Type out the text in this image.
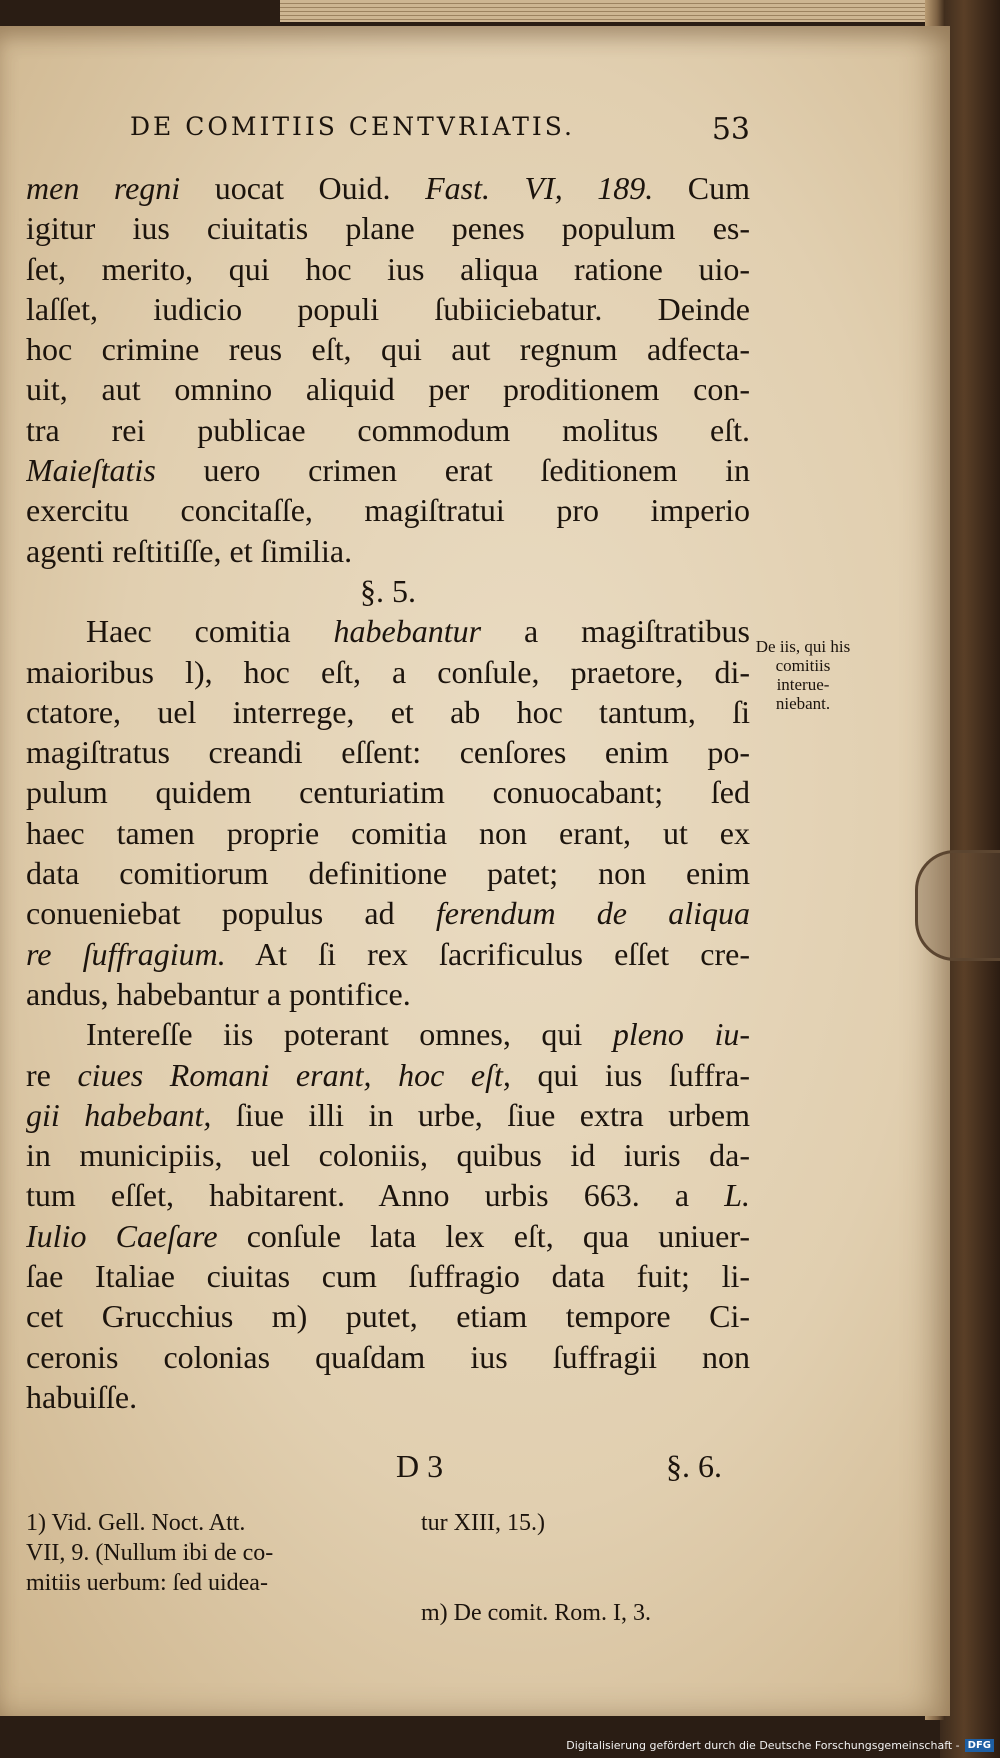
DE COMITIIS CENTVRIATIS.	53
men regni uocat Ouid. Fast. VI, 189. Cum
igitur ius ciuitatis plane penes populum es-
ſet, merito, qui hoc ius aliqua ratione uio-
laſſet, iudicio populi ſubiiciebatur. Deinde
hoc crimine reus eſt, qui aut regnum adfecta-
uit, aut omnino aliquid per proditionem con-
tra rei publicae commodum molitus eſt.
Maieſtatis uero crimen erat ſeditionem in
exercitu concitaſſe, magiſtratui pro imperio
agenti reſtitiſſe, et ſimilia.
§. 5.
Haec comitia habebantur a magiſtratibus
maioribus l), hoc eſt, a conſule, praetore, di-
ctatore, uel interrege, et ab hoc tantum, ſi
magiſtratus creandi eſſent: cenſores enim po-
pulum quidem centuriatim conuocabant; ſed
haec tamen proprie comitia non erant, ut ex
data comitiorum definitione patet; non enim
conueniebat populus ad ferendum de aliqua
re ſuffragium. At ſi rex ſacrificulus eſſet cre-
andus, habebantur a pontifice.
Intereſſe iis poterant omnes, qui pleno iu-
re ciues Romani erant, hoc eſt, qui ius ſuffra-
gii habebant, ſiue illi in urbe, ſiue extra urbem
in municipiis, uel coloniis, quibus id iuris da-
tum eſſet, habitarent. Anno urbis 663. a L.
Iulio Caeſare conſule lata lex eſt, qua uniuer-
ſae Italiae ciuitas cum ſuffragio data fuit; li-
cet Grucchius m) putet, etiam tempore Ci-
ceronis colonias quaſdam ius ſuffragii non
habuiſſe.
De iis, qui his comitiis interue- niebant.
D 3	§. 6.
1) Vid. Gell. Noct. Att.
VII, 9. (Nullum ibi de co-
mitiis uerbum: ſed uidea-
tur XIII, 15.)
m) De comit. Rom. I, 3.
Digitalisierung gefördert durch die Deutsche Forschungsgemeinschaft - DFG
